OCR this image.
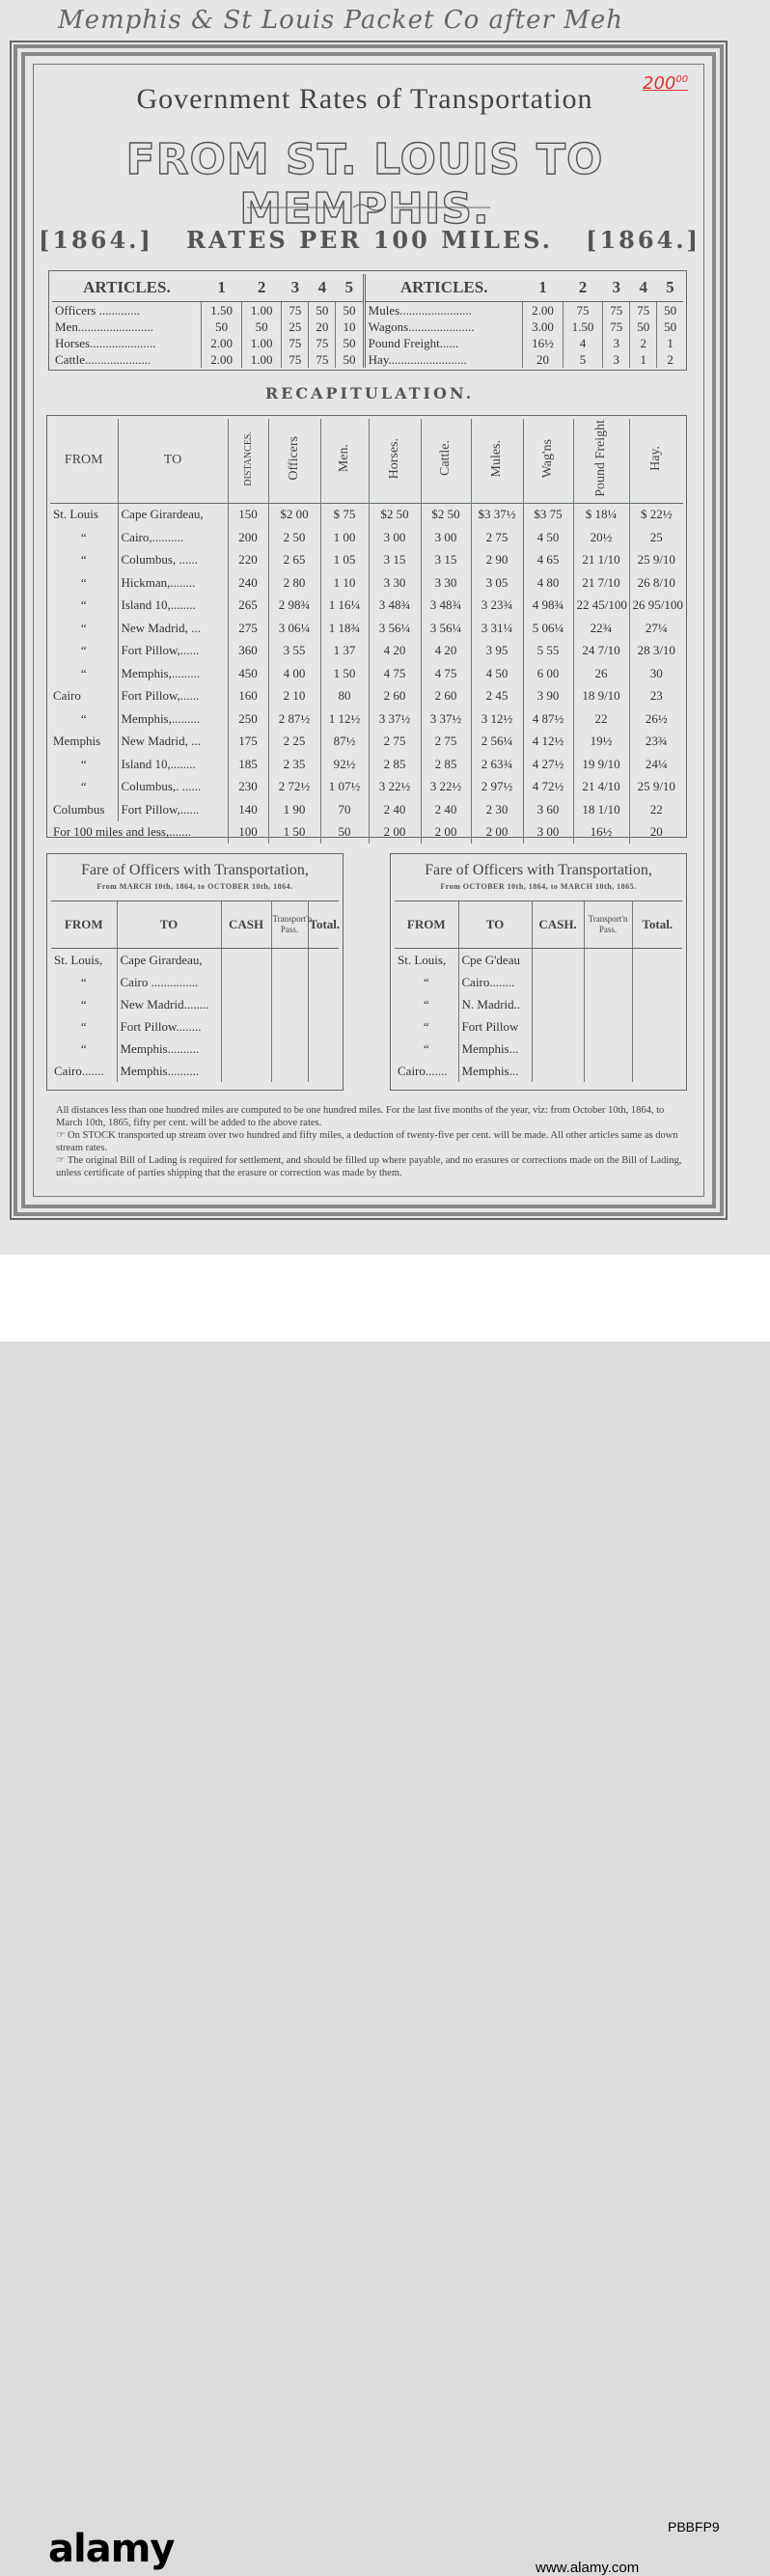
Memphis & St Louis Packet Co after Meh
$200^{00}$
Government Rates of Transportation
FROM ST. LOUIS TO MEMPHIS.
[1864.] RATES PER 100 MILES. [1864.]
ARTICLES.	1	2	3	4	5	ARTICLES.	1	2	3	4	5
Officers .............	1.50	1.00	75	50	50	Mules.......................	2.00	75	75	75	50
Men........................	50	50	25	20	10	Wagons.....................	3.00	1.50	75	50	50
Horses.....................	2.00	1.00	75	75	50	Pound Freight......	16½	4	3	2	1
Cattle.....................	2.00	1.00	75	75	50	Hay.........................	20	5	3	1	2
RECAPITULATION.
FROM	TO	DISTANCES.	Officers	Men.	Horses.	Cattle.	Mules.	Wag'ns	Pound Freight	Hay.
St. Louis	Cape Girardeau,	150	$2 00	$ 75	$2 50	$2 50	$3 37½	$3 75	$ 18¼	$ 22½
“	Cairo,..........	200	2 50	1 00	3 00	3 00	2 75	4 50	20½	25
“	Columbus, ......	220	2 65	1 05	3 15	3 15	2 90	4 65	21 1/10	25 9/10
“	Hickman,........	240	2 80	1 10	3 30	3 30	3 05	4 80	21 7/10	26 8/10
“	Island 10,........	265	2 98¾	1 16¼	3 48¾	3 48¾	3 23¾	4 98¾	22 45/100	26 95/100
“	New Madrid, ...	275	3 06¼	1 18¾	3 56¼	3 56¼	3 31¼	5 06¼	22¾	27¼
“	Fort Pillow,......	360	3 55	1 37	4 20	4 20	3 95	5 55	24 7/10	28 3/10
“	Memphis,.........	450	4 00	1 50	4 75	4 75	4 50	6 00	26	30
Cairo	Fort Pillow,......	160	2 10	80	2 60	2 60	2 45	3 90	18 9/10	23
“	Memphis,.........	250	2 87½	1 12½	3 37½	3 37½	3 12½	4 87½	22	26½
Memphis	New Madrid, ...	175	2 25	87½	2 75	2 75	2 56¼	4 12½	19½	23¾
“	Island 10,........	185	2 35	92½	2 85	2 85	2 63¾	4 27½	19 9/10	24¼
“	Columbus,. ......	230	2 72½	1 07½	3 22½	3 22½	2 97½	4 72½	21 4/10	25 9/10
Columbus	Fort Pillow,......	140	1 90	70	2 40	2 40	2 30	3 60	18 1/10	22
For 100 miles and less,.......		100	1 50	50	2 00	2 00	2 00	3 00	16½	20
Fare of Officers with Transportation,
From MARCH 10th, 1864, to OCTOBER 10th, 1864.
FROM	TO	CASH	Transport'n Pass.	Total.
St. Louis,	Cape Girardeau,			
“	Cairo ...............			
“	New Madrid........			
“	Fort Pillow........			
“	Memphis..........			
Cairo.......	Memphis..........			
Fare of Officers with Transportation,
From OCTOBER 10th, 1864, to MARCH 10th, 1865.
FROM	TO	CASH.	Transport'n Pass.	Total.
St. Louis,	Cpe G'deau			
“	Cairo........			
“	N. Madrid..			
“	Fort Pillow			
“	Memphis...			
Cairo.......	Memphis...			

All distances less than one hundred miles are computed to be one hundred miles. For the last five months of the year, viz: from October 10th, 1864, to March 10th, 1865, fifty per cent. will be added to the above rates.

☞ On STOCK transported up stream over two hundred and fifty miles, a deduction of twenty-five per cent. will be made. All other articles same as down stream rates.

☞ The original Bill of Lading is required for settlement, and should be filled up where payable, and no erasures or corrections made on the Bill of Lading, unless certificate of parties shipping that the erasure or correction was made by them.

alamy	PBBFP9
www.alamy.com
